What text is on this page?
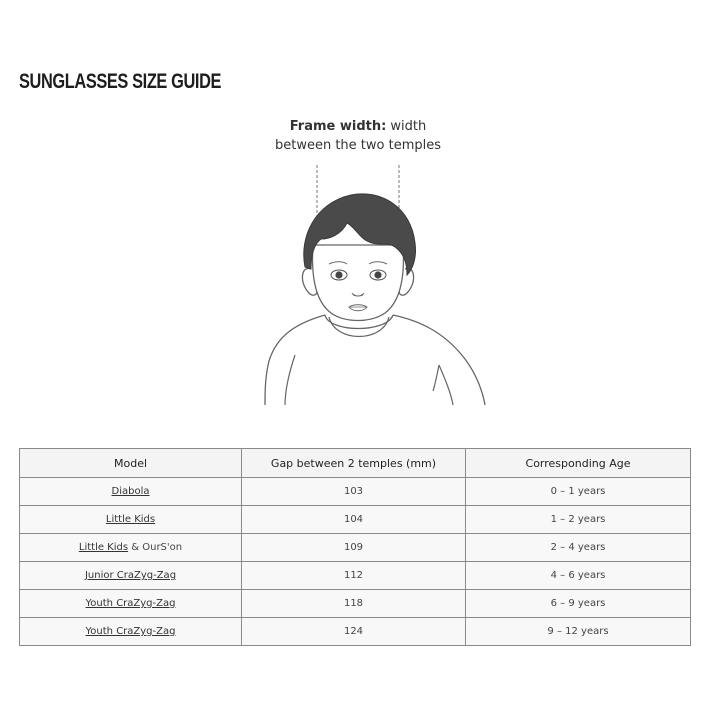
SUNGLASSES SIZE GUIDE
Frame width: width
between the two temples
Model	Gap between 2 temples (mm)	Corresponding Age
Diabola	103	0 – 1 years
Little Kids	104	1 – 2 years
Little Kids & OurS'on	109	2 – 4 years
Junior CraZyg-Zag	112	4 – 6 years
Youth CraZyg-Zag	118	6 – 9 years
Youth CraZyg-Zag	124	9 – 12 years
